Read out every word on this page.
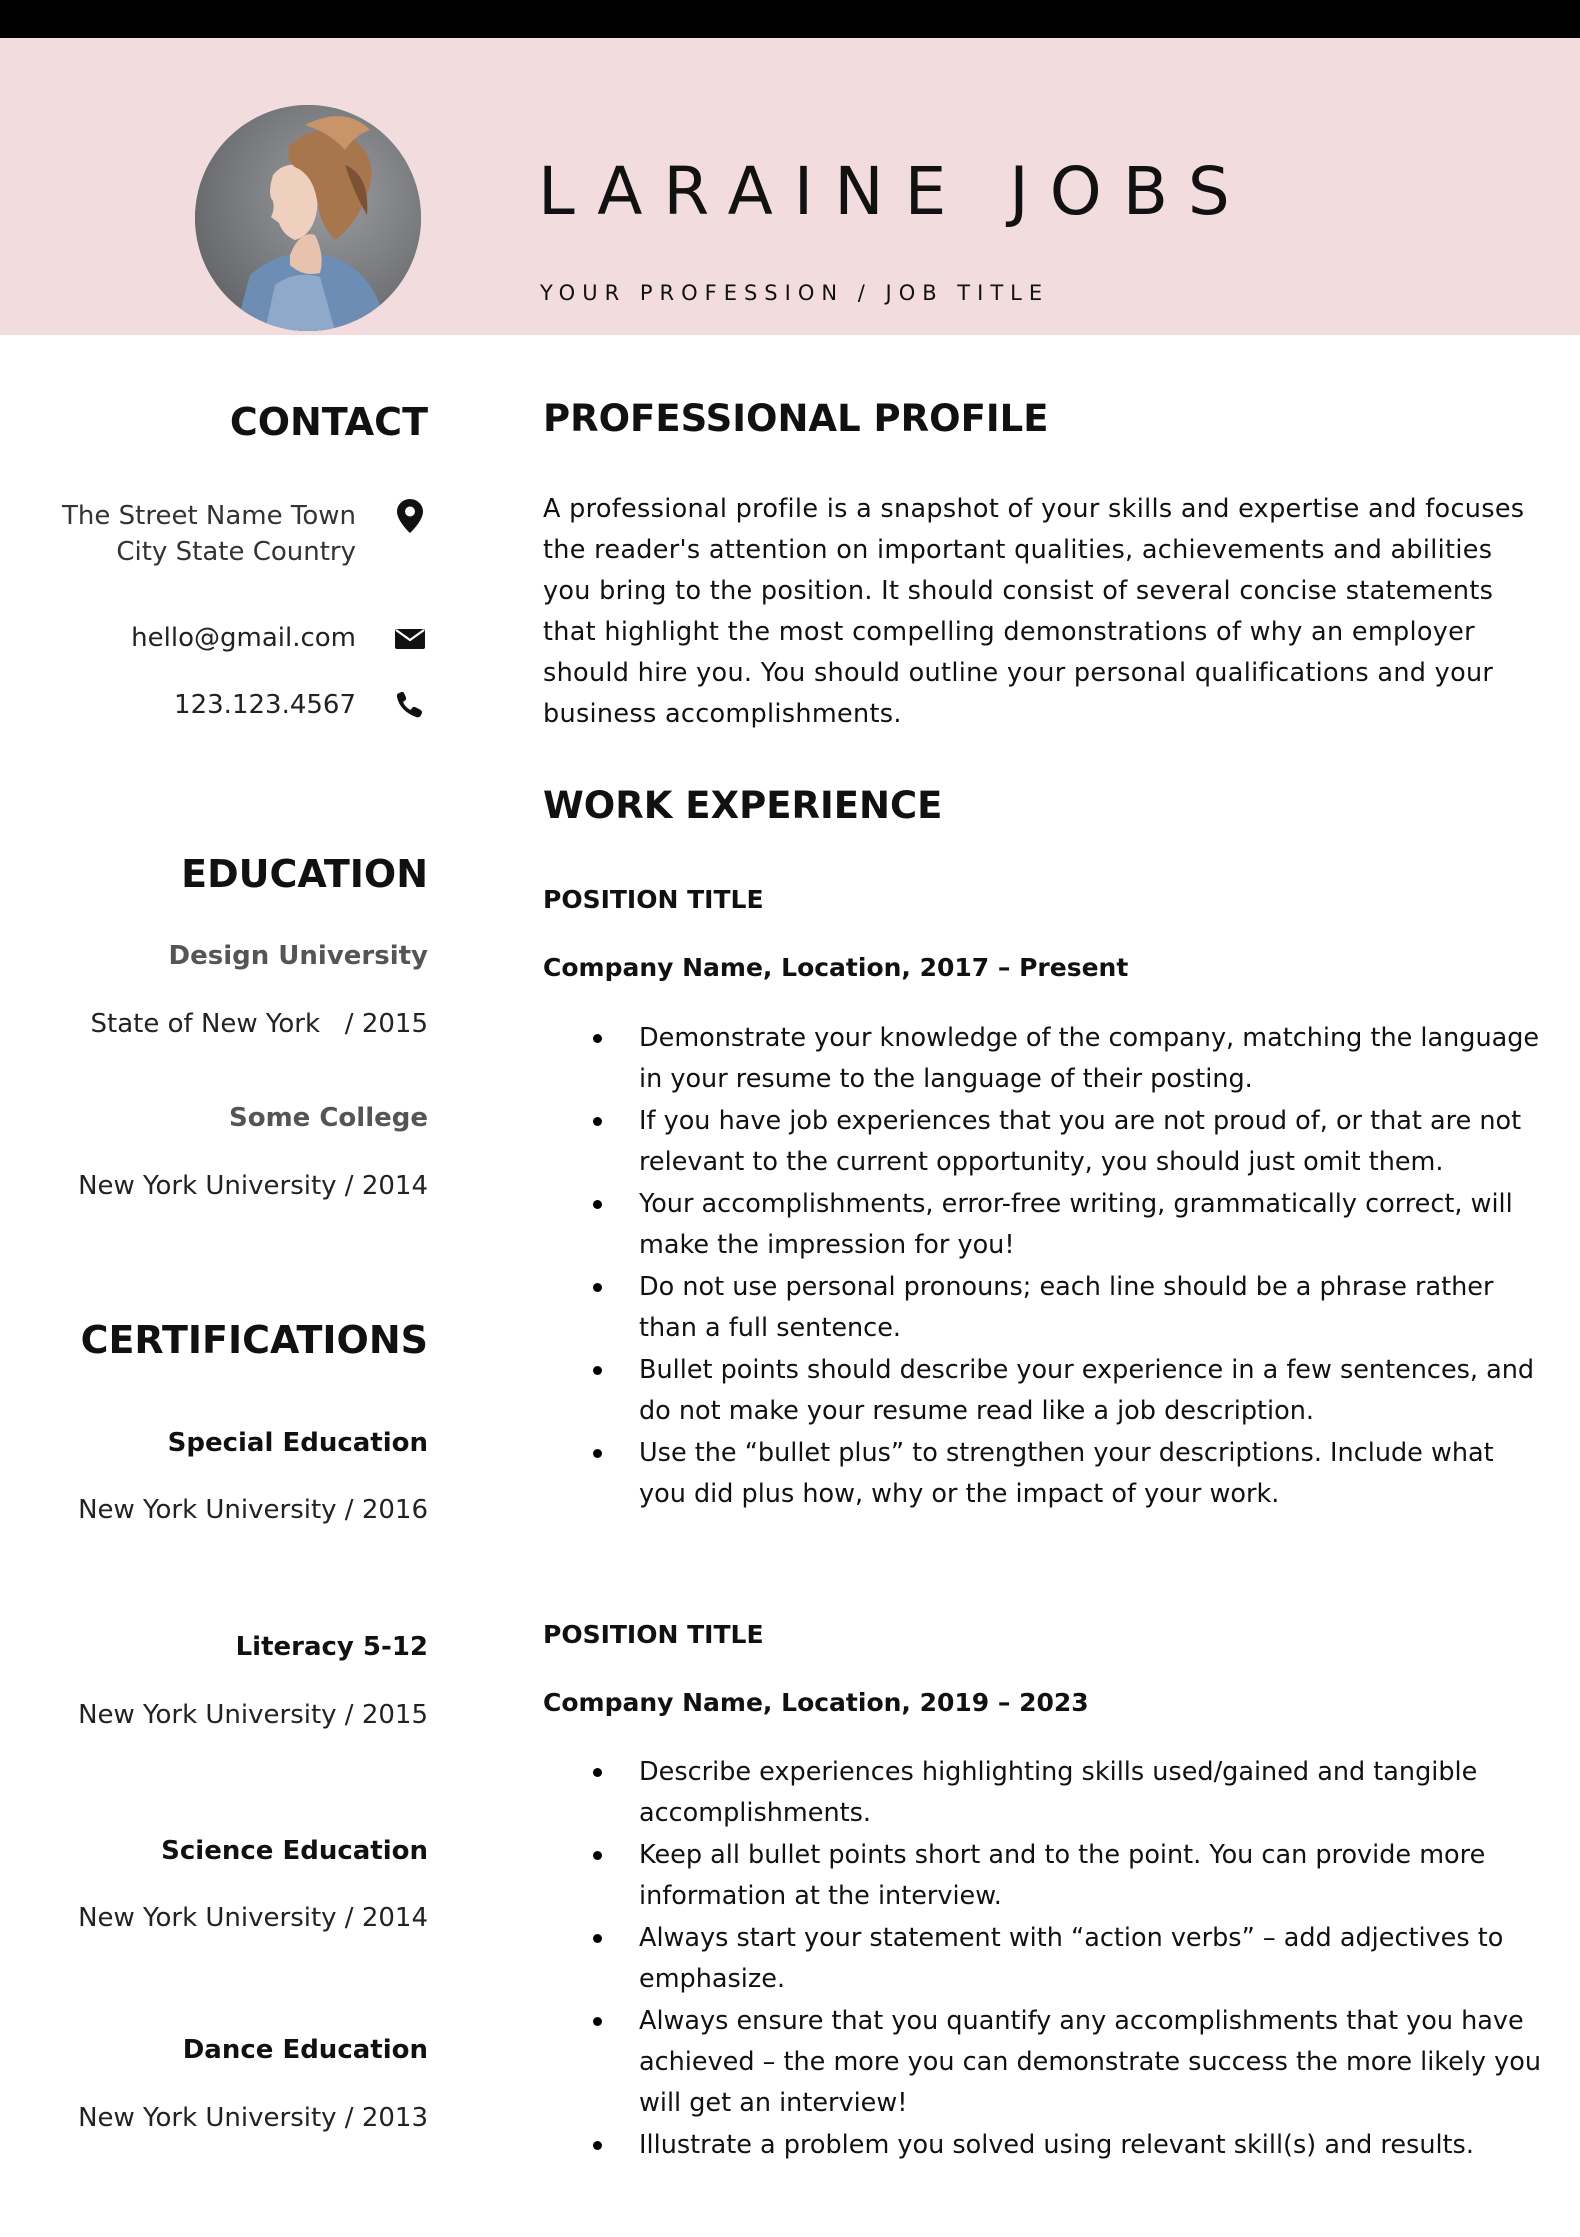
LARAINE JOBS
YOUR PROFESSION / JOB TITLE
CONTACT
The Street Name Town
City State Country
hello@gmail.com
123.123.4567
EDUCATION
Design University
State of New York   / 2015
Some College
New York University / 2014
CERTIFICATIONS
Special Education
New York University / 2016
Literacy 5-12
New York University / 2015
Science Education
New York University / 2014
Dance Education
New York University / 2013
PROFESSIONAL PROFILE

A professional profile is a snapshot of your skills and expertise and focuses the reader's attention on important qualities, achievements and abilities you bring to the position. It should consist of several concise statements that highlight the most compelling demonstrations of why an employer should hire you. You should outline your personal qualifications and your business accomplishments.

WORK EXPERIENCE
POSITION TITLE
Company Name, Location, 2017 – Present
Demonstrate your knowledge of the company, matching the language in your resume to the language of their posting.
If you have job experiences that you are not proud of, or that are not relevant to the current opportunity, you should just omit them.
Your accomplishments, error-free writing, grammatically correct, will make the impression for you!
Do not use personal pronouns; each line should be a phrase rather than a full sentence.
Bullet points should describe your experience in a few sentences, and do not make your resume read like a job description.
Use the “bullet plus” to strengthen your descriptions. Include what you did plus how, why or the impact of your work.
POSITION TITLE
Company Name, Location, 2019 – 2023
Describe experiences highlighting skills used/gained and tangible accomplishments.
Keep all bullet points short and to the point. You can provide more information at the interview.
Always start your statement with “action verbs” – add adjectives to emphasize.
Always ensure that you quantify any accomplishments that you have achieved – the more you can demonstrate success the more likely you will get an interview!
Illustrate a problem you solved using relevant skill(s) and results.
